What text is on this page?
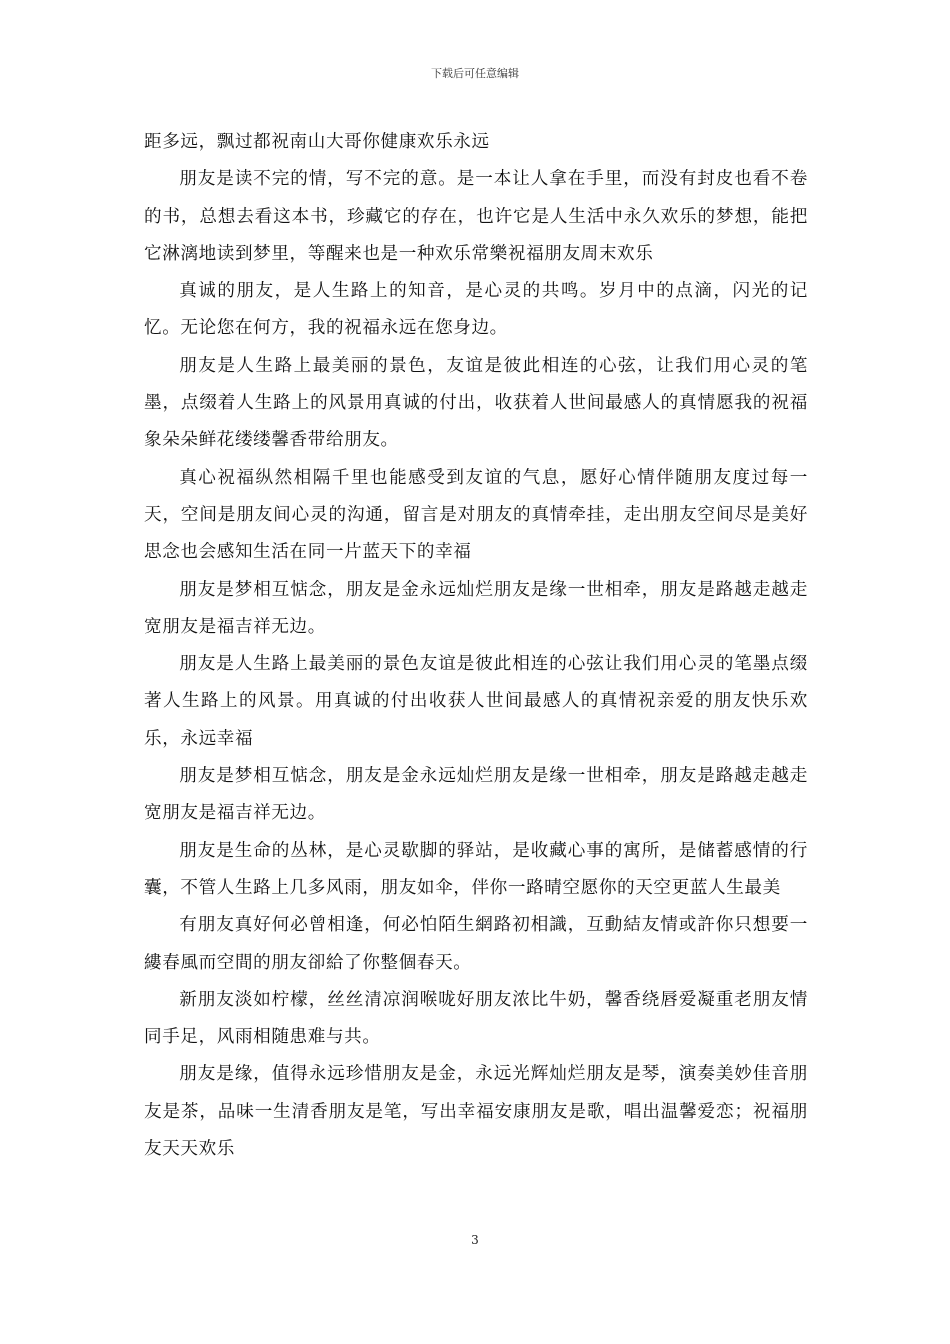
下载后可任意编辑

距多远，飘过都祝南山大哥你健康欢乐永远

朋友是读不完的情，写不完的意。是一本让人拿在手里，而没有封皮也看不卷的书，总想去看这本书，珍藏它的存在，也许它是人生活中永久欢乐的梦想，能把它淋漓地读到梦里，等醒来也是一种欢乐常樂祝福朋友周末欢乐

真诚的朋友，是人生路上的知音，是心灵的共鸣。岁月中的点滴，闪光的记忆。无论您在何方，我的祝福永远在您身边。

朋友是人生路上最美丽的景色，友谊是彼此相连的心弦，让我们用心灵的笔墨，点缀着人生路上的风景用真诚的付出，收获着人世间最感人的真情愿我的祝福象朵朵鲜花缕缕馨香带给朋友。

真心祝福纵然相隔千里也能感受到友谊的气息，愿好心情伴随朋友度过每一天，空间是朋友间心灵的沟通，留言是对朋友的真情牵挂，走出朋友空间尽是美好思念也会感知生活在同一片蓝天下的幸福

朋友是梦相互惦念，朋友是金永远灿烂朋友是缘一世相牵，朋友是路越走越走宽朋友是福吉祥无边。

朋友是人生路上最美丽的景色友谊是彼此相连的心弦让我们用心灵的笔墨点缀著人生路上的风景。用真诚的付出收获人世间最感人的真情祝亲爱的朋友快乐欢乐，永远幸福

朋友是梦相互惦念，朋友是金永远灿烂朋友是缘一世相牵，朋友是路越走越走宽朋友是福吉祥无边。

朋友是生命的丛林，是心灵歇脚的驿站，是收藏心事的寓所，是储蓄感情的行囊，不管人生路上几多风雨，朋友如伞，伴你一路晴空愿你的天空更蓝人生最美

有朋友真好何必曾相逢，何必怕陌生網路初相識，互動結友情或許你只想要一縷春風而空間的朋友卻給了你整個春天。

新朋友淡如柠檬，丝丝清凉润喉咙好朋友浓比牛奶，馨香绕唇爱凝重老朋友情同手足，风雨相随患难与共。

朋友是缘，值得永远珍惜朋友是金，永远光辉灿烂朋友是琴，演奏美妙佳音朋友是茶，品味一生清香朋友是笔，写出幸福安康朋友是歌，唱出温馨爱恋；祝福朋友天天欢乐

3
